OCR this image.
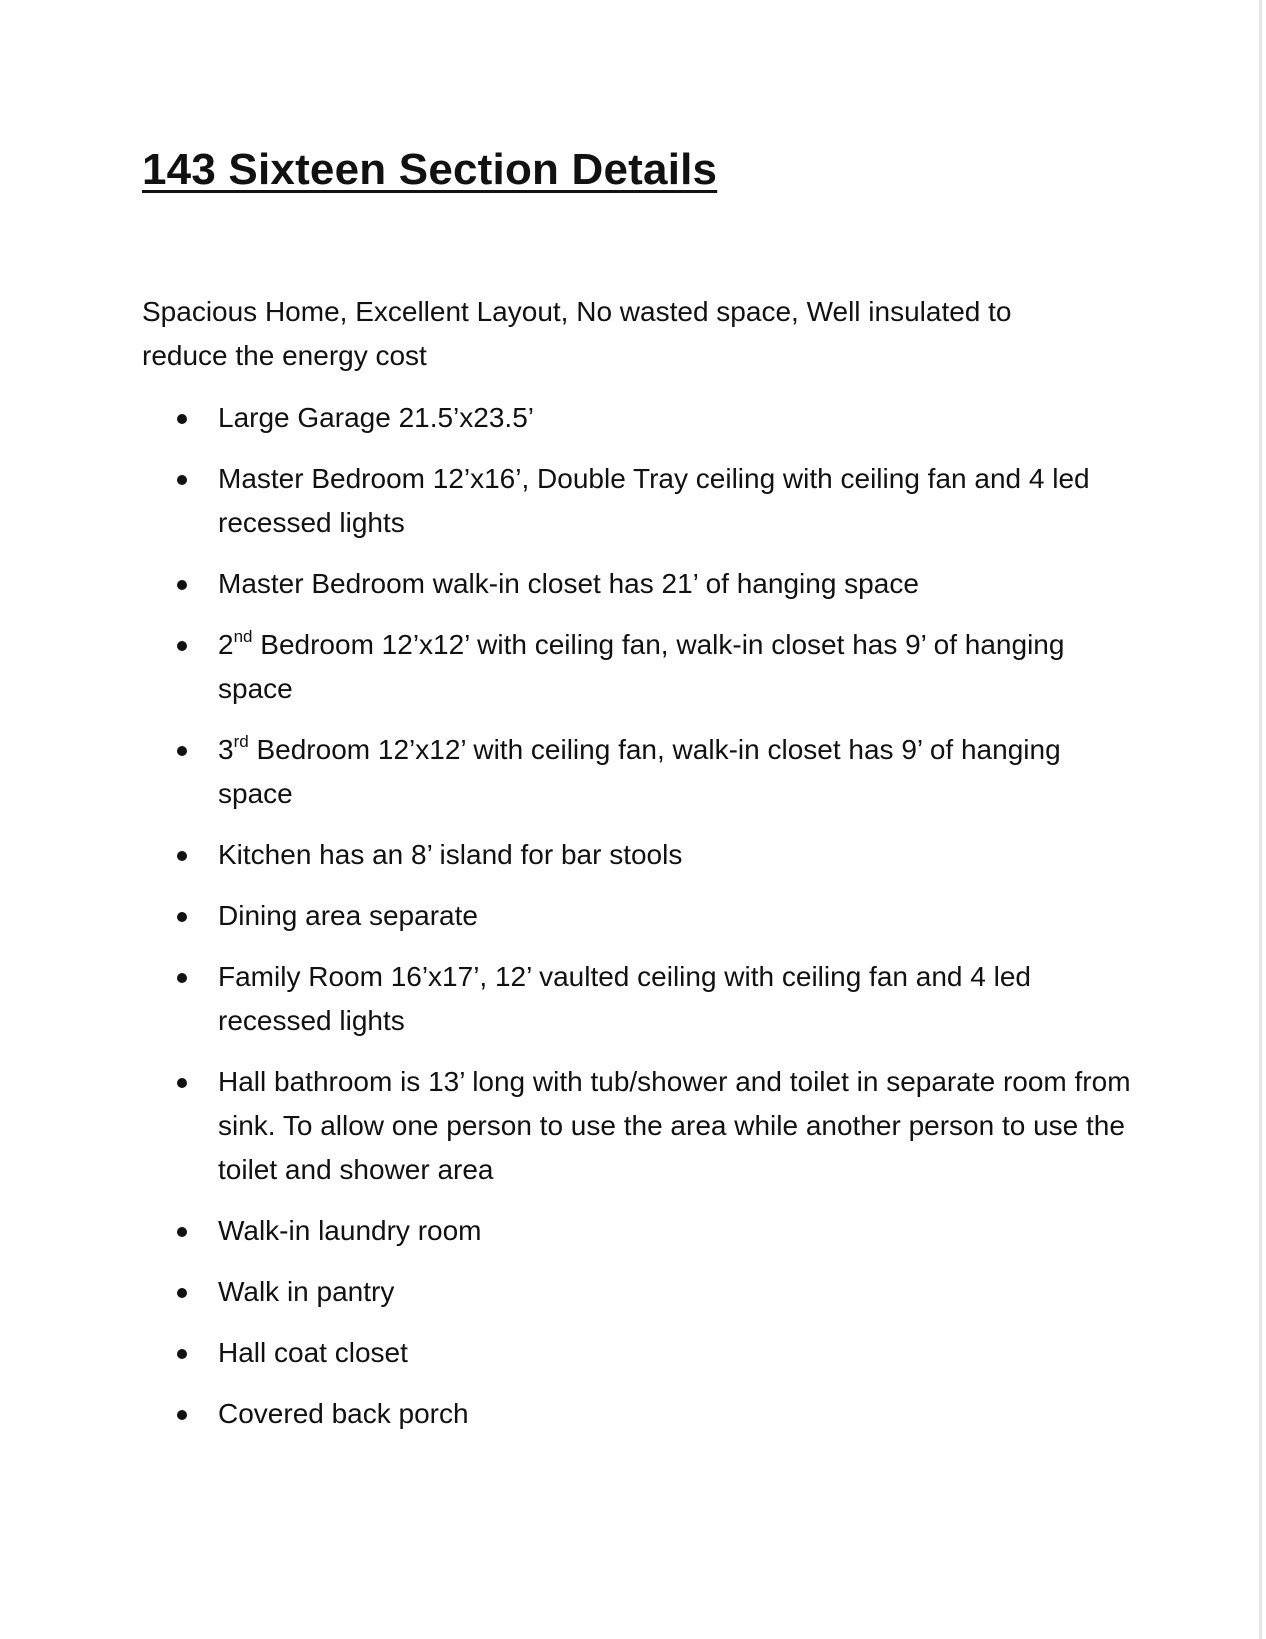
143 Sixteen Section Details

Spacious Home, Excellent Layout, No wasted space, Well insulated to reduce the energy cost

Large Garage 21.5’x23.5’
Master Bedroom 12’x16’, Double Tray ceiling with ceiling fan and 4 led recessed lights
Master Bedroom walk-in closet has 21’ of hanging space
2nd Bedroom 12’x12’ with ceiling fan, walk-in closet has 9’ of hanging space
3rd Bedroom 12’x12’ with ceiling fan, walk-in closet has 9’ of hanging space
Kitchen has an 8’ island for bar stools
Dining area separate
Family Room 16’x17’, 12’ vaulted ceiling with ceiling fan and 4 led recessed lights
Hall bathroom is 13’ long with tub/shower and toilet in separate room from sink. To allow one person to use the area while another person to use the toilet and shower area
Walk-in laundry room
Walk in pantry
Hall coat closet
Covered back porch
